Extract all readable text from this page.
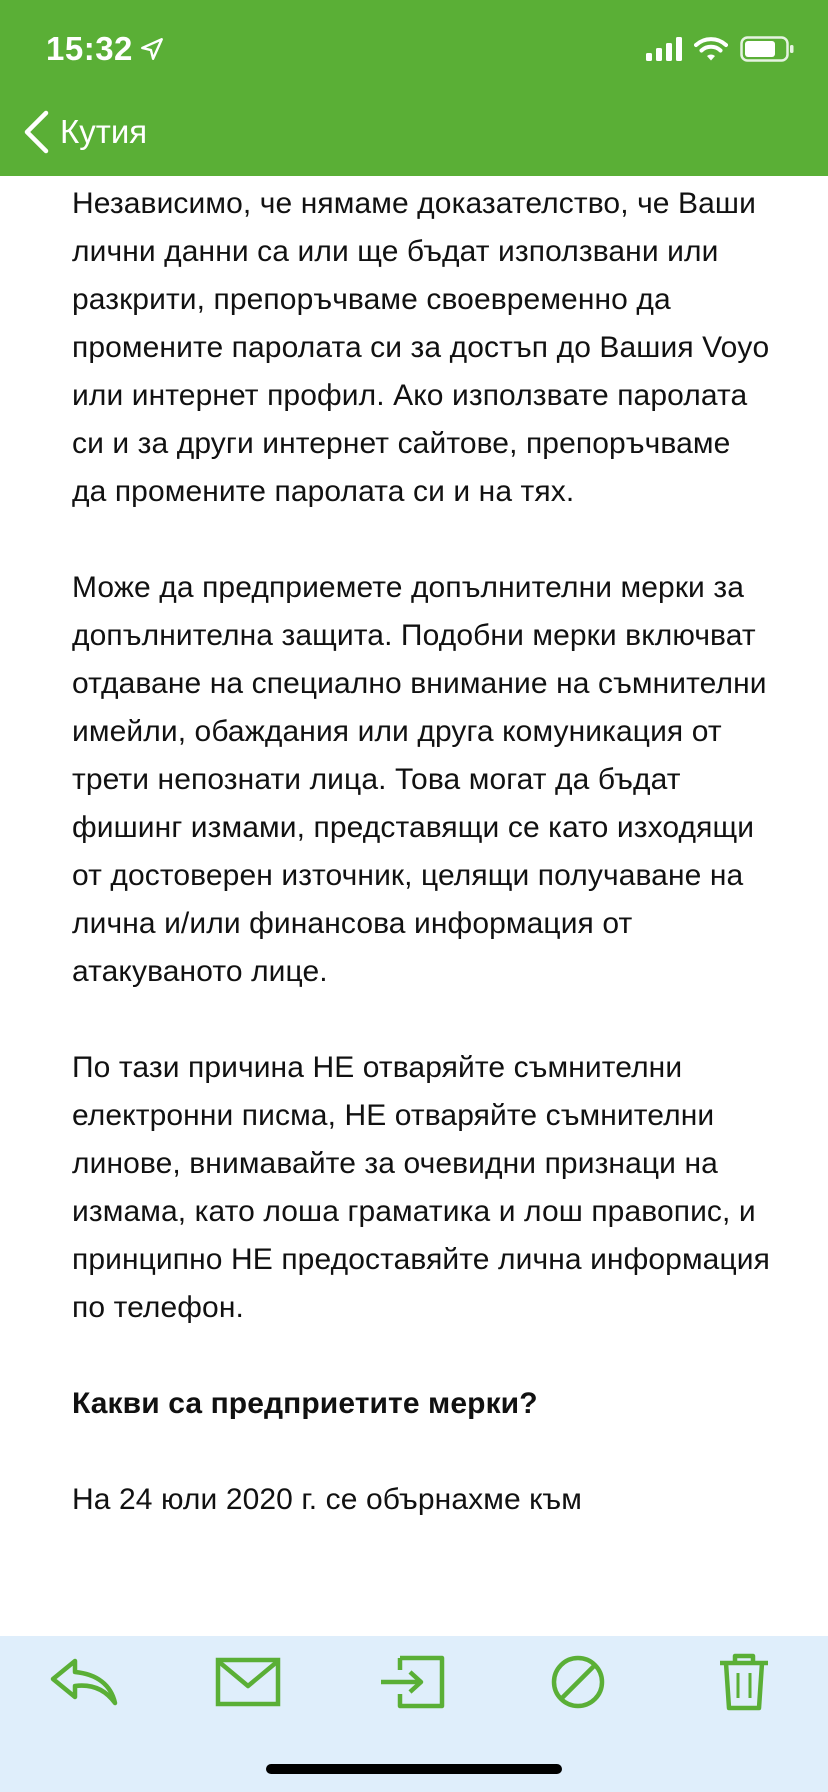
15:32
Кутия

Независимо, че нямаме доказателство, че Ваши лични данни са или ще бъдат използвани или разкрити, препоръчваме своевременно да промените паролата си за достъп до Вашия Voyo или интернет профил. Ако използвате паролата си и за други интернет сайтове, препоръчваме да промените паролата си и на тях.

Може да предприемете допълнителни мерки за допълнителна защита. Подобни мерки включват отдаване на специално внимание на съмнителни имейли, обаждания или друга комуникация от трети непознати лица. Това могат да бъдат фишинг измами, представящи се като изходящи от достоверен източник, целящи получаване на лична и/или финансова информация от атакуваното лице.

По тази причина НЕ отваряйте съмнителни електронни писма, НЕ отваряйте съмнителни линове, внимавайте за очевидни признаци на измама, като лоша граматика и лош правопис, и принципно НЕ предоставяйте лична информация по телефон.

Какви са предприетите мерки?

На 24 юли 2020 г. се обърнахме към
